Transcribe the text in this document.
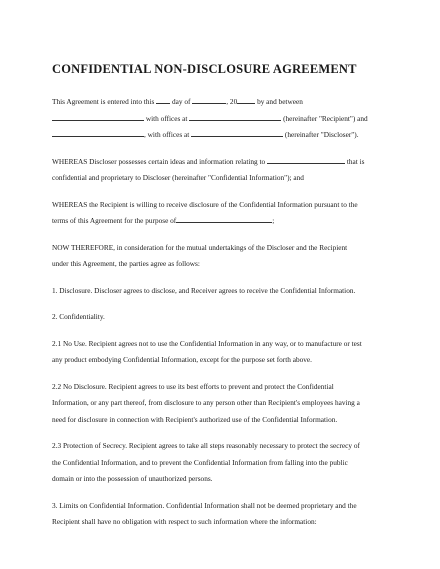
CONFIDENTIAL NON-DISCLOSURE AGREEMENT
This Agreement is entered into this day of	, 20	by and between
with offices at	(hereinafter "Recipient") and
, with offices at	(hereinafter "Discloser").
WHEREAS Discloser possesses certain ideas and information relating to	that is
confidential and proprietary to Discloser (hereinafter "Confidential Information"); and
WHEREAS the Recipient is willing to receive disclosure of the Confidential Information pursuant to the
terms of this Agreement for the purpose of	;
NOW THEREFORE, in consideration for the mutual undertakings of the Discloser and the Recipient
under this Agreement, the parties agree as follows:
1. Disclosure. Discloser agrees to disclose, and Receiver agrees to receive the Confidential Information.
2. Confidentiality.
2.1 No Use. Recipient agrees not to use the Confidential Information in any way, or to manufacture or test
any product embodying Confidential Information, except for the purpose set forth above.
2.2 No Disclosure. Recipient agrees to use its best efforts to prevent and protect the Confidential
Information, or any part thereof, from disclosure to any person other than Recipient's employees having a
need for disclosure in connection with Recipient's authorized use of the Confidential Information.
2.3 Protection of Secrecy. Recipient agrees to take all steps reasonably necessary to protect the secrecy of
the Confidential Information, and to prevent the Confidential Information from falling into the public
domain or into the possession of unauthorized persons.
3. Limits on Confidential Information. Confidential Information shall not be deemed proprietary and the
Recipient shall have no obligation with respect to such information where the information:
